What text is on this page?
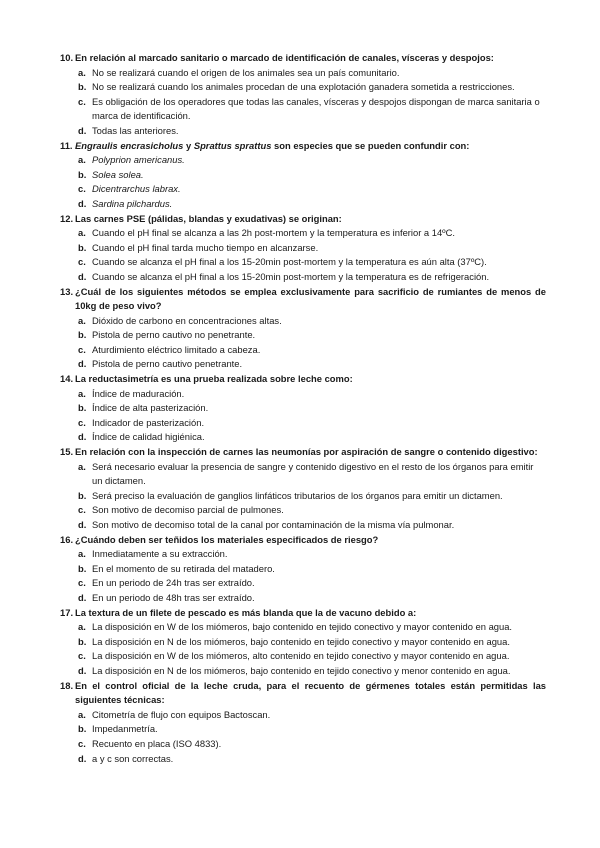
10 . En relación al marcado sanitario o marcado de identificación de canales, vísceras y despojos:
a . No se realizará cuando el origen de los animales sea un país comunitario.
b . No se realizará cuando los animales procedan de una explotación ganadera sometida a restricciones.
c . Es obligación de los operadores que todas las canales, vísceras y despojos dispongan de marca sanitaria o marca de identificación.
d . Todas las anteriores.
11 . Engraulis encrasicholus y Sprattus sprattus son especies que se pueden confundir con:
a . Polyprion americanus.
b . Solea solea.
c . Dicentrarchus labrax.
d . Sardina pilchardus.
12 . Las carnes PSE (pálidas, blandas y exudativas) se originan:
a . Cuando el pH final se alcanza a las 2h post-mortem y la temperatura es inferior a 14ºC.
b . Cuando el pH final tarda mucho tiempo en alcanzarse.
c . Cuando se alcanza el pH final a los 15-20min post-mortem y la temperatura es aún alta (37ºC).
d . Cuando se alcanza el pH final a los 15-20min post-mortem y la temperatura es de refrigeración.
13 . ¿Cuál de los siguientes métodos se emplea exclusivamente para sacrificio de rumiantes de menos de 10kg de peso vivo?
a . Dióxido de carbono en concentraciones altas.
b . Pistola de perno cautivo no penetrante.
c . Aturdimiento eléctrico limitado a cabeza.
d . Pistola de perno cautivo penetrante.
14 . La reductasimetría es una prueba realizada sobre leche como:
a . Índice de maduración.
b . Índice de alta pasterización.
c . Indicador de pasterización.
d . Índice de calidad higiénica.
15 . En relación con la inspección de carnes las neumonías por aspiración de sangre o contenido digestivo:
a . Será necesario evaluar la presencia de sangre y contenido digestivo en el resto de los órganos para emitir un dictamen.
b . Será preciso la evaluación de ganglios linfáticos tributarios de los órganos para emitir un dictamen.
c . Son motivo de decomiso parcial de pulmones.
d . Son motivo de decomiso total de la canal por contaminación de la misma vía pulmonar.
16 . ¿Cuándo deben ser teñidos los materiales especificados de riesgo?
a . Inmediatamente a su extracción.
b . En el momento de su retirada del matadero.
c . En un periodo de 24h tras ser extraído.
d . En un periodo de 48h tras ser extraído.
17 . La textura de un filete de pescado es más blanda que la de vacuno debido a:
a . La disposición en W de los miómeros, bajo contenido en tejido conectivo y mayor contenido en agua.
b . La disposición en N de los miómeros, bajo contenido en tejido conectivo y mayor contenido en agua.
c . La disposición en W de los miómeros, alto contenido en tejido conectivo y mayor contenido en agua.
d . La disposición en N de los miómeros, bajo contenido en tejido conectivo y menor contenido en agua.
18 . En el control oficial de la leche cruda, para el recuento de gérmenes totales están permitidas las siguientes técnicas:
a . Citometría de flujo con equipos Bactoscan.
b . Impedanmetría.
c . Recuento en placa (ISO 4833).
d . a y c son correctas.
